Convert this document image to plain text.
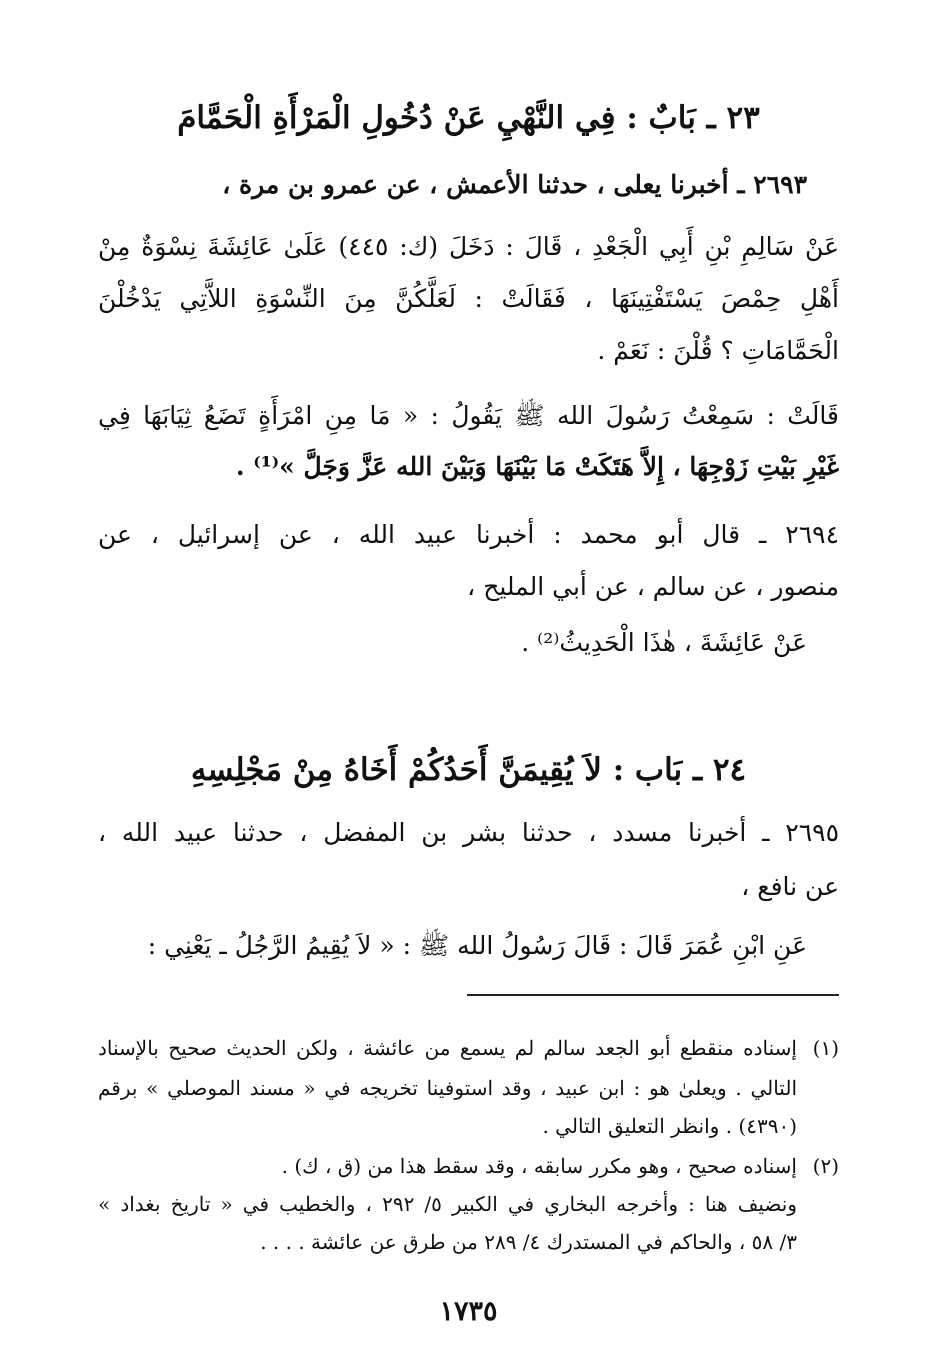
٢٣ ـ بَابٌ : فِي النَّهْيِ عَنْ دُخُولِ الْمَرْأَةِ الْحَمَّامَ
٢٦٩٣ ـ أخبرنا يعلى ، حدثنا الأعمش ، عن عمرو بن مرة ،
عَنْ سَالِمِ بْنِ أَبِي الْجَعْدِ ، قَالَ : دَخَلَ (ك: ٤٤٥) عَلَىٰ عَائِشَةَ نِسْوَةٌ مِنْ
أَهْلِ حِمْصَ يَسْتَفْتِينَهَا ، فَقَالَتْ : لَعَلَّكُنَّ مِنَ النِّسْوَةِ اللاَّتِي يَدْخُلْنَ
الْحَمَّامَاتِ ؟ قُلْنَ : نَعَمْ .
قَالَتْ : سَمِعْتُ رَسُولَ الله ﷺ يَقُولُ : « مَا مِنِ امْرَأَةٍ تَضَعُ ثِيَابَهَا فِي
غَيْرِ بَيْتِ زَوْجِهَا ، إِلاَّ هَتَكَتْ مَا بَيْنَهَا وَبَيْنَ الله عَزَّ وَجَلَّ »⁽¹⁾ .
٢٦٩٤ ـ قال أبو محمد : أخبرنا عبيد الله ، عن إسرائيل ، عن
منصور ، عن سالم ، عن أبي المليح ،
عَنْ عَائِشَةَ ، هٰذَا الْحَدِيثُ⁽²⁾ .
٢٤ ـ بَاب : لاَ يُقِيمَنَّ أَحَدُكُمْ أَخَاهُ مِنْ مَجْلِسِهِ
٢٦٩٥ ـ أخبرنا مسدد ، حدثنا بشر بن المفضل ، حدثنا عبيد الله ،
عن نافع ،
عَنِ ابْنِ عُمَرَ قَالَ : قَالَ رَسُولُ الله ﷺ : « لاَ يُقِيمُ الرَّجُلُ ـ يَعْنِي :
(١)
إسناده منقطع أبو الجعد سالم لم يسمع من عائشة ، ولكن الحديث صحيح بالإسناد
التالي . ويعلىٰ هو : ابن عبيد ، وقد استوفينا تخريجه في « مسند الموصلي » برقم
(٤٣٩٠) . وانظر التعليق التالي .
(٢)
إسناده صحيح ، وهو مكرر سابقه ، وقد سقط هذا من (ق ، ك) .
ونضيف هنا : وأخرجه البخاري في الكبير ٥/ ٢٩٢ ، والخطيب في « تاريخ بغداد »
٣/ ٥٨ ، والحاكم في المستدرك ٤/ ٢٨٩ من طرق عن عائشة . . . .
١٧٣٥
